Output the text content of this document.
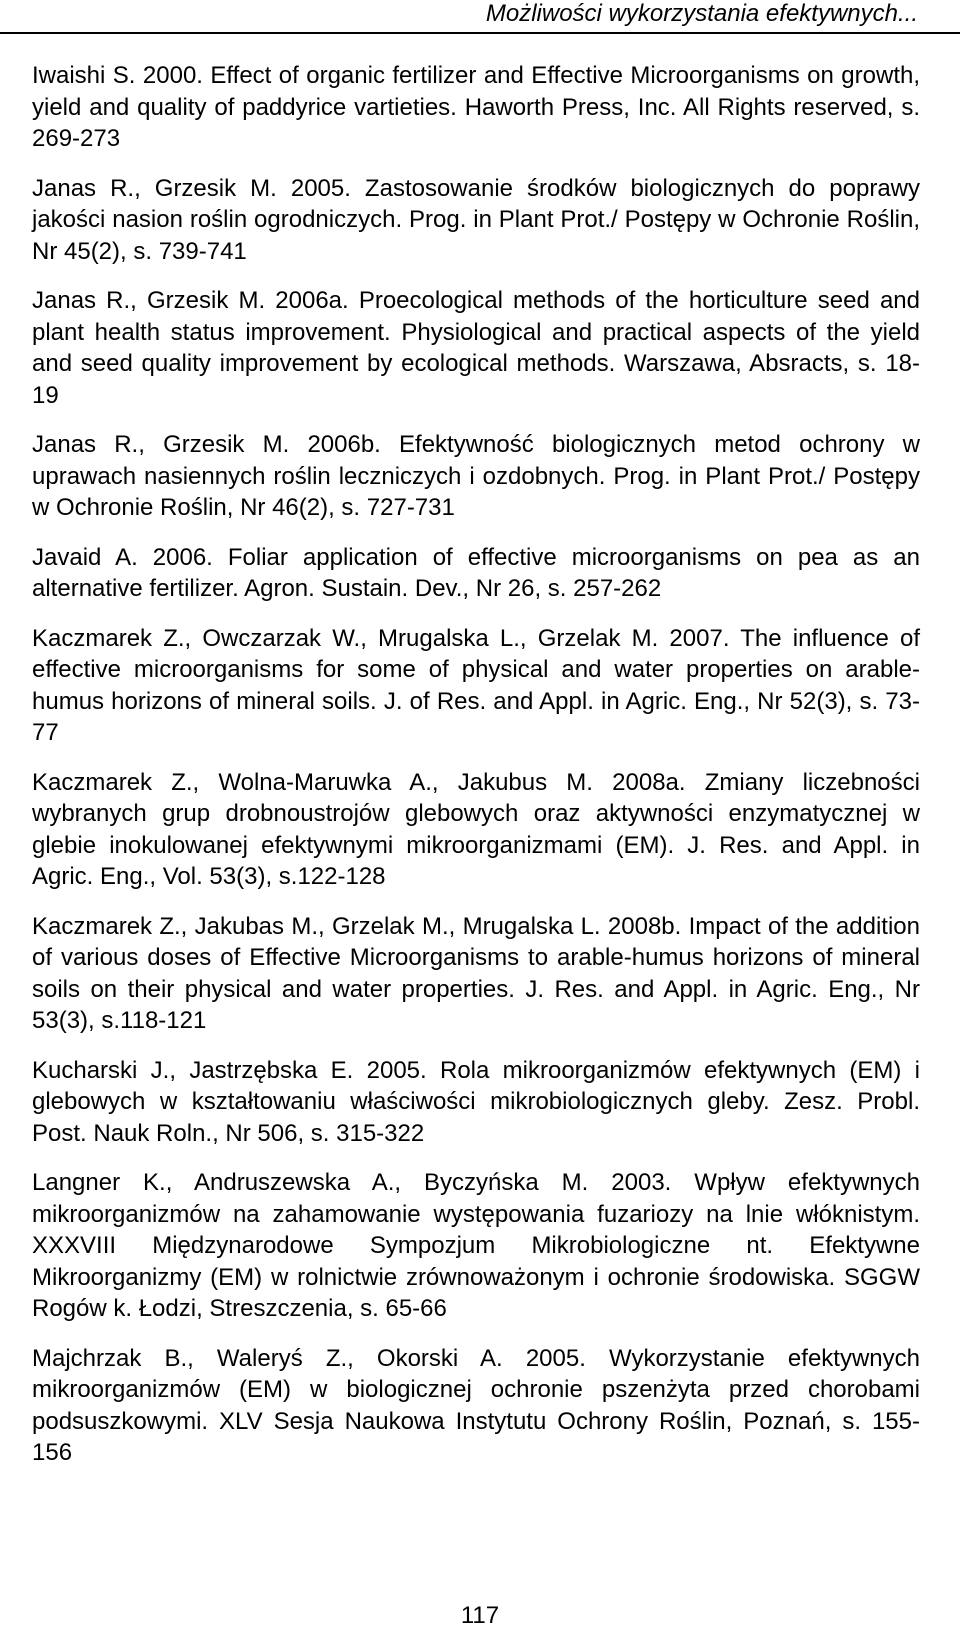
Możliwości wykorzystania efektywnych...
Iwaishi S. 2000. Effect of organic fertilizer and Effective Microorganisms on growth, yield and quality of paddyrice vartieties. Haworth Press, Inc. All Rights reserved, s. 269-273
Janas R., Grzesik M. 2005. Zastosowanie środków biologicznych do poprawy jakości nasion roślin ogrodniczych. Prog. in Plant Prot./ Postępy w Ochronie Roślin, Nr 45(2), s. 739-741
Janas R., Grzesik M. 2006a. Proecological methods of the horticulture seed and plant health status improvement. Physiological and practical aspects of the yield and seed quality improvement by ecological methods. Warszawa, Absracts, s. 18-19
Janas R., Grzesik M. 2006b. Efektywność biologicznych metod ochrony w uprawach nasiennych roślin leczniczych i ozdobnych. Prog. in Plant Prot./ Postępy w Ochronie Roślin, Nr 46(2), s. 727-731
Javaid A. 2006. Foliar application of effective microorganisms on pea as an alternative fertilizer. Agron. Sustain. Dev., Nr 26, s. 257-262
Kaczmarek Z., Owczarzak W., Mrugalska L., Grzelak M. 2007. The influence of effective microorganisms for some of physical and water properties on arable-humus horizons of mineral soils. J. of Res. and Appl. in Agric. Eng., Nr 52(3), s. 73-77
Kaczmarek Z., Wolna-Maruwka A., Jakubus M. 2008a. Zmiany liczebności wybranych grup drobnoustrojów glebowych oraz aktywności enzymatycznej w glebie inokulowanej efektywnymi mikroorganizmami (EM). J. Res. and Appl. in Agric. Eng., Vol. 53(3), s.122-128
Kaczmarek Z., Jakubas M., Grzelak M., Mrugalska L. 2008b. Impact of the addition of various doses of Effective Microorganisms to arable-humus horizons of mineral soils on their physical and water properties. J. Res. and Appl. in Agric. Eng., Nr 53(3), s.118-121
Kucharski J., Jastrzębska E. 2005. Rola mikroorganizmów efektywnych (EM) i glebowych w kształtowaniu właściwości mikrobiologicznych gleby. Zesz. Probl. Post. Nauk Roln., Nr 506, s. 315-322
Langner K., Andruszewska A., Byczyńska M. 2003. Wpływ efektywnych mikroorganizmów na zahamowanie występowania fuzariozy na lnie włóknistym. XXXVIII Międzynarodowe Sympozjum Mikrobiologiczne nt. Efektywne Mikroorganizmy (EM) w rolnictwie zrównoważonym i ochronie środowiska. SGGW Rogów k. Łodzi, Streszczenia, s. 65-66
Majchrzak B., Waleryś Z., Okorski A. 2005. Wykorzystanie efektywnych mikroorganizmów (EM) w biologicznej ochronie pszenżyta przed chorobami podsuszkowymi. XLV Sesja Naukowa Instytutu Ochrony Roślin, Poznań, s. 155-156
117
